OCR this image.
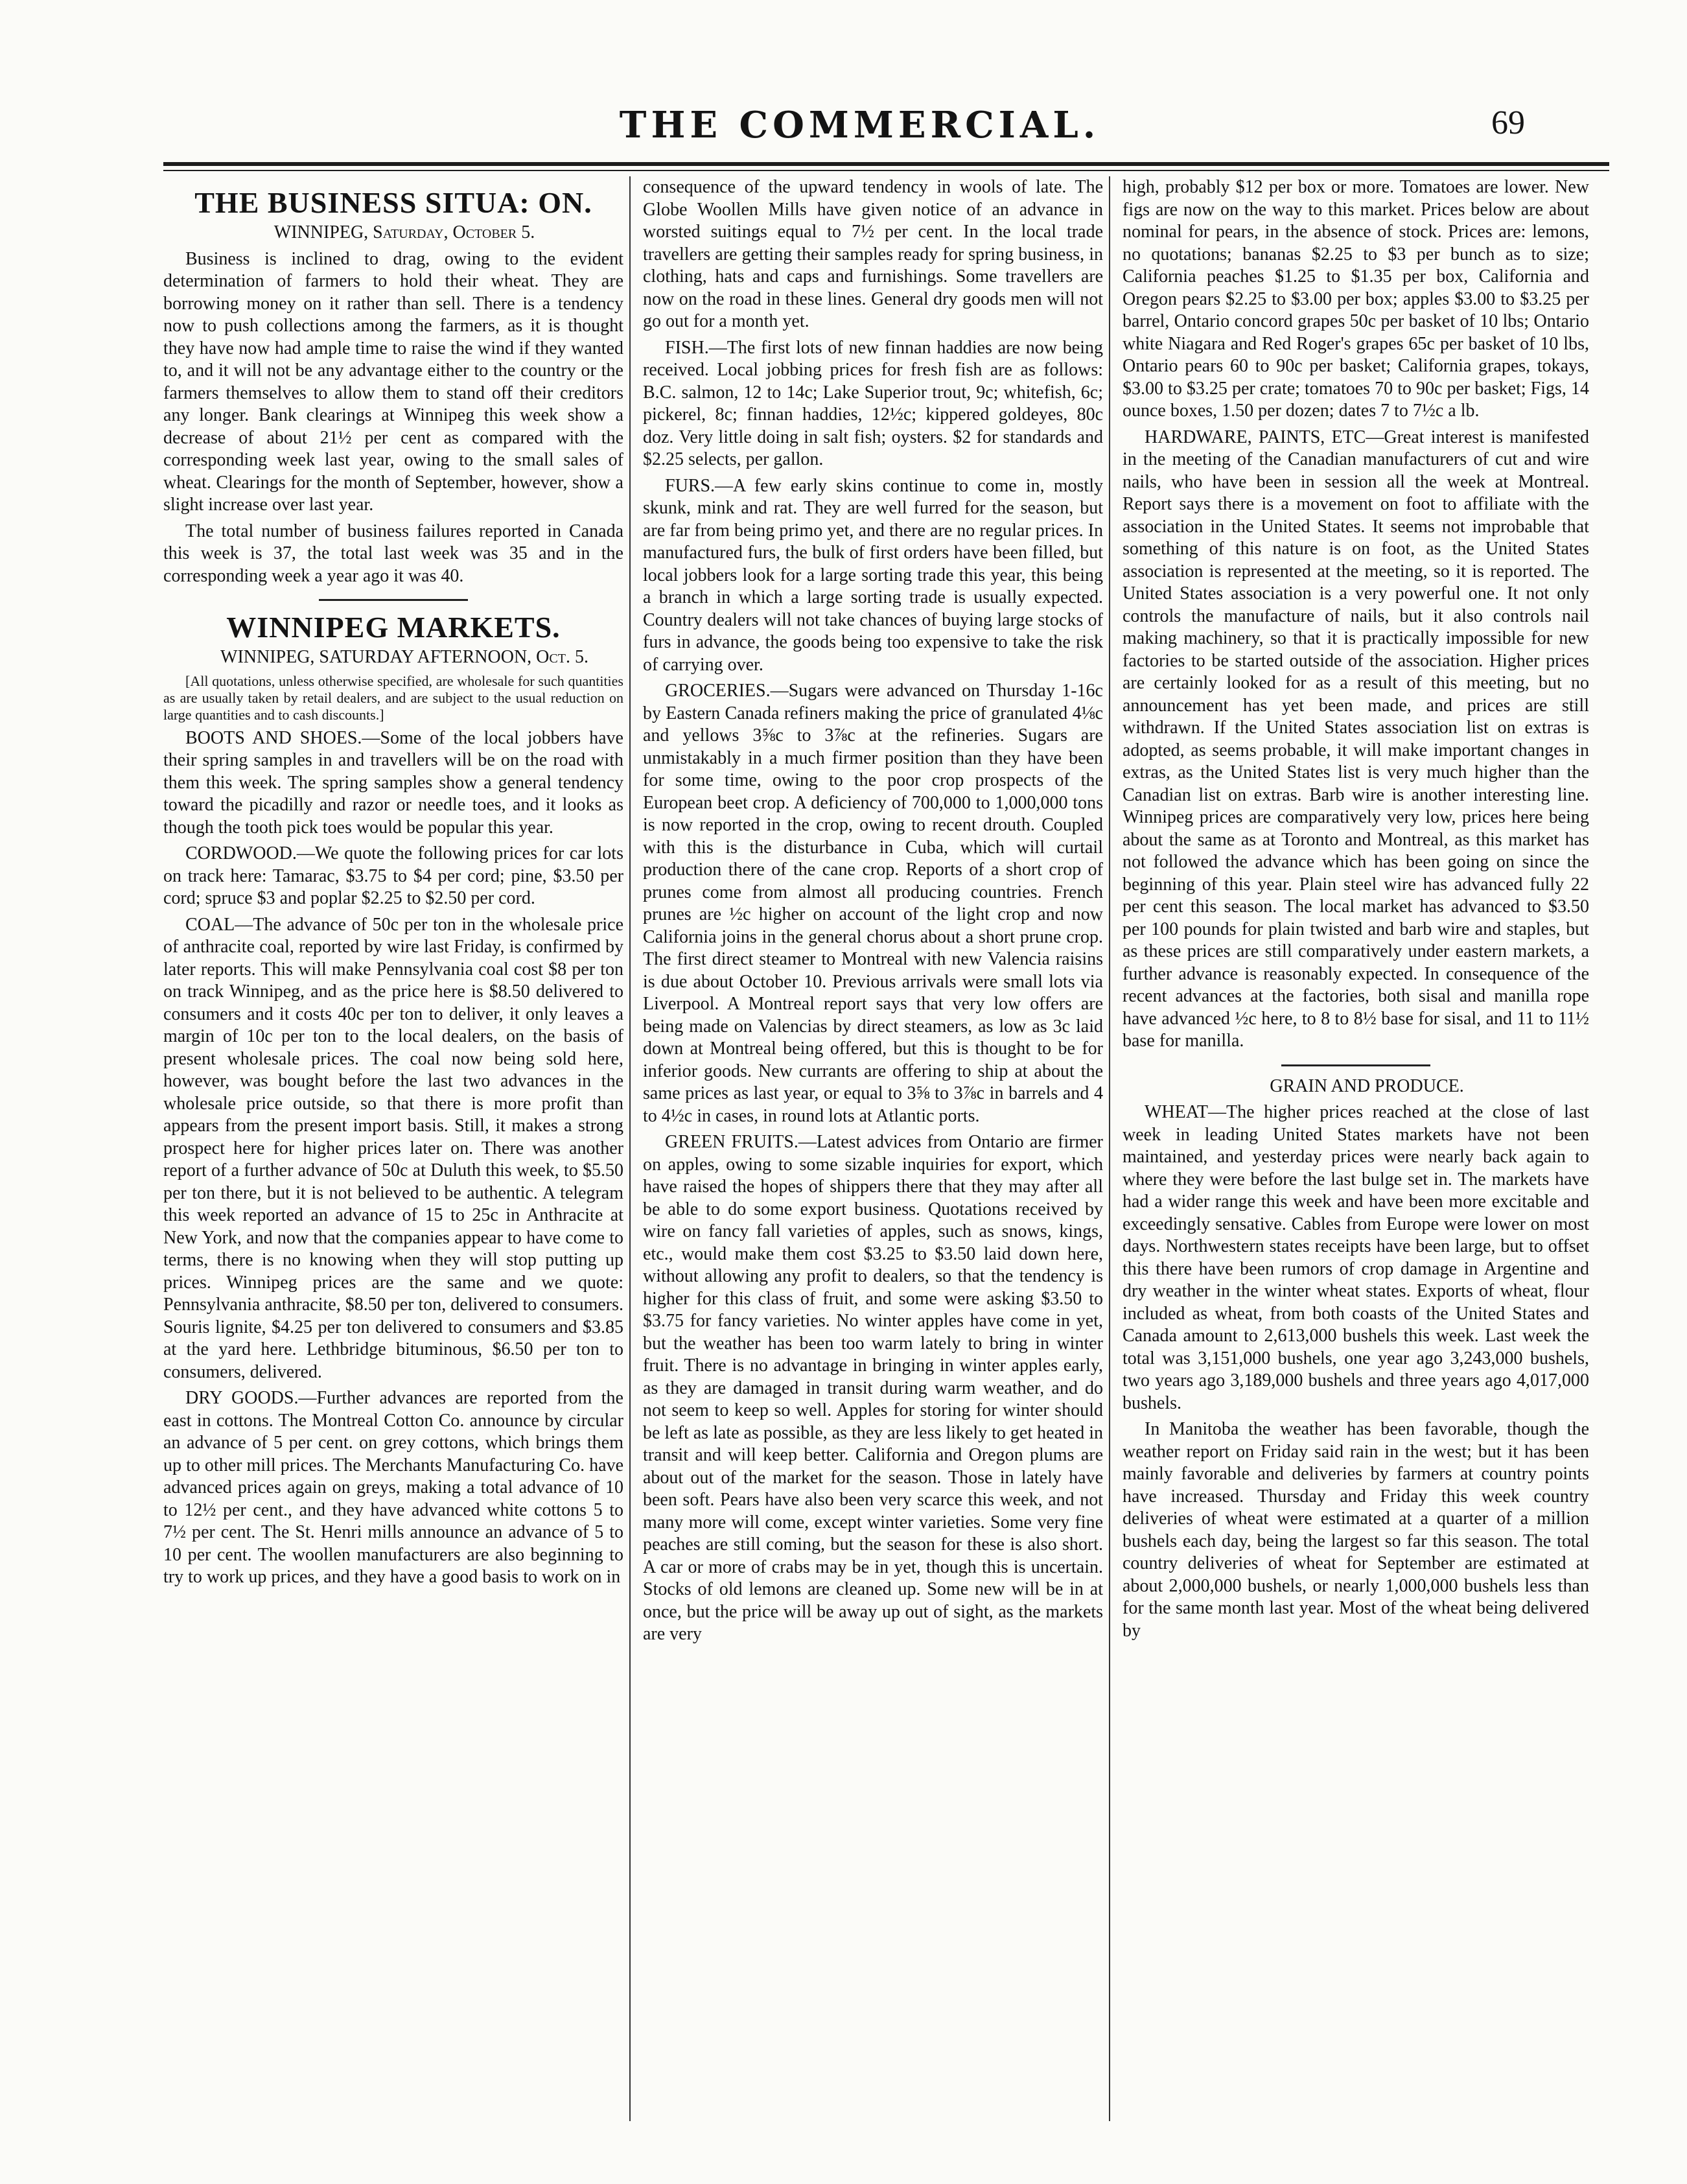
THE COMMERCIAL.	69
THE BUSINESS SITUA: ON.

WINNIPEG, Saturday, October 5.

Business is inclined to drag, owing to the evident determination of farmers to hold their wheat. They are borrowing money on it rather than sell. There is a tendency now to push collections among the farmers, as it is thought they have now had ample time to raise the wind if they wanted to, and it will not be any advantage either to the country or the farmers themselves to allow them to stand off their creditors any longer. Bank clearings at Winnipeg this week show a decrease of about 21½ per cent as compared with the corresponding week last year, owing to the small sales of wheat. Clearings for the month of September, however, show a slight increase over last year.

The total number of business failures reported in Canada this week is 37, the total last week was 35 and in the corresponding week a year ago it was 40.

WINNIPEG MARKETS.

WINNIPEG, SATURDAY AFTERNOON, Oct. 5.

[All quotations, unless otherwise specified, are wholesale for such quantities as are usually taken by retail dealers, and are subject to the usual reduction on large quantities and to cash discounts.]

BOOTS AND SHOES.—Some of the local jobbers have their spring samples in and travellers will be on the road with them this week. The spring samples show a general tendency toward the picadilly and razor or needle toes, and it looks as though the tooth pick toes would be popular this year.

CORDWOOD.—We quote the following prices for car lots on track here: Tamarac, $3.75 to $4 per cord; pine, $3.50 per cord; spruce $3 and poplar $2.25 to $2.50 per cord.

COAL—The advance of 50c per ton in the wholesale price of anthracite coal, reported by wire last Friday, is confirmed by later reports. This will make Pennsylvania coal cost $8 per ton on track Winnipeg, and as the price here is $8.50 delivered to consumers and it costs 40c per ton to deliver, it only leaves a margin of 10c per ton to the local dealers, on the basis of present wholesale prices. The coal now being sold here, however, was bought before the last two advances in the wholesale price outside, so that there is more profit than appears from the present import basis. Still, it makes a strong prospect here for higher prices later on. There was another report of a further advance of 50c at Duluth this week, to $5.50 per ton there, but it is not believed to be authentic. A telegram this week reported an advance of 15 to 25c in Anthracite at New York, and now that the companies appear to have come to terms, there is no knowing when they will stop putting up prices. Winnipeg prices are the same and we quote: Pennsylvania anthracite, $8.50 per ton, delivered to consumers. Souris lignite, $4.25 per ton delivered to consumers and $3.85 at the yard here. Lethbridge bituminous, $6.50 per ton to consumers, delivered.

DRY GOODS.—Further advances are reported from the east in cottons. The Montreal Cotton Co. announce by circular an advance of 5 per cent. on grey cottons, which brings them up to other mill prices. The Merchants Manufacturing Co. have advanced prices again on greys, making a total advance of 10 to 12½ per cent., and they have advanced white cottons 5 to 7½ per cent. The St. Henri mills announce an advance of 5 to 10 per cent. The woollen manufacturers are also beginning to try to work up prices, and they have a good basis to work on in

consequence of the upward tendency in wools of late. The Globe Woollen Mills have given notice of an advance in worsted suitings equal to 7½ per cent. In the local trade travellers are getting their samples ready for spring business, in clothing, hats and caps and furnishings. Some travellers are now on the road in these lines. General dry goods men will not go out for a month yet.

FISH.—The first lots of new finnan haddies are now being received. Local jobbing prices for fresh fish are as follows: B.C. salmon, 12 to 14c; Lake Superior trout, 9c; whitefish, 6c; pickerel, 8c; finnan haddies, 12½c; kippered goldeyes, 80c doz. Very little doing in salt fish; oysters. $2 for standards and $2.25 selects, per gallon.

FURS.—A few early skins continue to come in, mostly skunk, mink and rat. They are well furred for the season, but are far from being primo yet, and there are no regular prices. In manufactured furs, the bulk of first orders have been filled, but local jobbers look for a large sorting trade this year, this being a branch in which a large sorting trade is usually expected. Country dealers will not take chances of buying large stocks of furs in advance, the goods being too expensive to take the risk of carrying over.

GROCERIES.—Sugars were advanced on Thursday 1-16c by Eastern Canada refiners making the price of granulated 4⅛c and yellows 3⅝c to 3⅞c at the refineries. Sugars are unmistakably in a much firmer position than they have been for some time, owing to the poor crop prospects of the European beet crop. A deficiency of 700,000 to 1,000,000 tons is now reported in the crop, owing to recent drouth. Coupled with this is the disturbance in Cuba, which will curtail production there of the cane crop. Reports of a short crop of prunes come from almost all producing countries. French prunes are ½c higher on account of the light crop and now California joins in the general chorus about a short prune crop. The first direct steamer to Montreal with new Valencia raisins is due about October 10. Previous arrivals were small lots via Liverpool. A Montreal report says that very low offers are being made on Valencias by direct steamers, as low as 3c laid down at Montreal being offered, but this is thought to be for inferior goods. New currants are offering to ship at about the same prices as last year, or equal to 3⅝ to 3⅞c in barrels and 4 to 4½c in cases, in round lots at Atlantic ports.

GREEN FRUITS.—Latest advices from Ontario are firmer on apples, owing to some sizable inquiries for export, which have raised the hopes of shippers there that they may after all be able to do some export business. Quotations received by wire on fancy fall varieties of apples, such as snows, kings, etc., would make them cost $3.25 to $3.50 laid down here, without allowing any profit to dealers, so that the tendency is higher for this class of fruit, and some were asking $3.50 to $3.75 for fancy varieties. No winter apples have come in yet, but the weather has been too warm lately to bring in winter fruit. There is no advantage in bringing in winter apples early, as they are damaged in transit during warm weather, and do not seem to keep so well. Apples for storing for winter should be left as late as possible, as they are less likely to get heated in transit and will keep better. California and Oregon plums are about out of the market for the season. Those in lately have been soft. Pears have also been very scarce this week, and not many more will come, except winter varieties. Some very fine peaches are still coming, but the season for these is also short. A car or more of crabs may be in yet, though this is uncertain. Stocks of old lemons are cleaned up. Some new will be in at once, but the price will be away up out of sight, as the markets are very

high, probably $12 per box or more. Tomatoes are lower. New figs are now on the way to this market. Prices below are about nominal for pears, in the absence of stock. Prices are: lemons, no quotations; bananas $2.25 to $3 per bunch as to size; California peaches $1.25 to $1.35 per box, California and Oregon pears $2.25 to $3.00 per box; apples $3.00 to $3.25 per barrel, Ontario concord grapes 50c per basket of 10 lbs; Ontario white Niagara and Red Roger's grapes 65c per basket of 10 lbs, Ontario pears 60 to 90c per basket; California grapes, tokays, $3.00 to $3.25 per crate; tomatoes 70 to 90c per basket; Figs, 14 ounce boxes, 1.50 per dozen; dates 7 to 7½c a lb.

HARDWARE, PAINTS, ETC—Great interest is manifested in the meeting of the Canadian manufacturers of cut and wire nails, who have been in session all the week at Montreal. Report says there is a movement on foot to affiliate with the association in the United States. It seems not improbable that something of this nature is on foot, as the United States association is represented at the meeting, so it is reported. The United States association is a very powerful one. It not only controls the manufacture of nails, but it also controls nail making machinery, so that it is practically impossible for new factories to be started outside of the association. Higher prices are certainly looked for as a result of this meeting, but no announcement has yet been made, and prices are still withdrawn. If the United States association list on extras is adopted, as seems probable, it will make important changes in extras, as the United States list is very much higher than the Canadian list on extras. Barb wire is another interesting line. Winnipeg prices are comparatively very low, prices here being about the same as at Toronto and Montreal, as this market has not followed the advance which has been going on since the beginning of this year. Plain steel wire has advanced fully 22 per cent this season. The local market has advanced to $3.50 per 100 pounds for plain twisted and barb wire and staples, but as these prices are still comparatively under eastern markets, a further advance is reasonably expected. In consequence of the recent advances at the factories, both sisal and manilla rope have advanced ½c here, to 8 to 8½ base for sisal, and 11 to 11½ base for manilla.

GRAIN AND PRODUCE.

WHEAT—The higher prices reached at the close of last week in leading United States markets have not been maintained, and yesterday prices were nearly back again to where they were before the last bulge set in. The markets have had a wider range this week and have been more excitable and exceedingly sensative. Cables from Europe were lower on most days. Northwestern states receipts have been large, but to offset this there have been rumors of crop damage in Argentine and dry weather in the winter wheat states. Exports of wheat, flour included as wheat, from both coasts of the United States and Canada amount to 2,613,000 bushels this week. Last week the total was 3,151,000 bushels, one year ago 3,243,000 bushels, two years ago 3,189,000 bushels and three years ago 4,017,000 bushels.

In Manitoba the weather has been favorable, though the weather report on Friday said rain in the west; but it has been mainly favorable and deliveries by farmers at country points have increased. Thursday and Friday this week country deliveries of wheat were estimated at a quarter of a million bushels each day, being the largest so far this season. The total country deliveries of wheat for September are estimated at about 2,000,000 bushels, or nearly 1,000,000 bushels less than for the same month last year. Most of the wheat being delivered by
